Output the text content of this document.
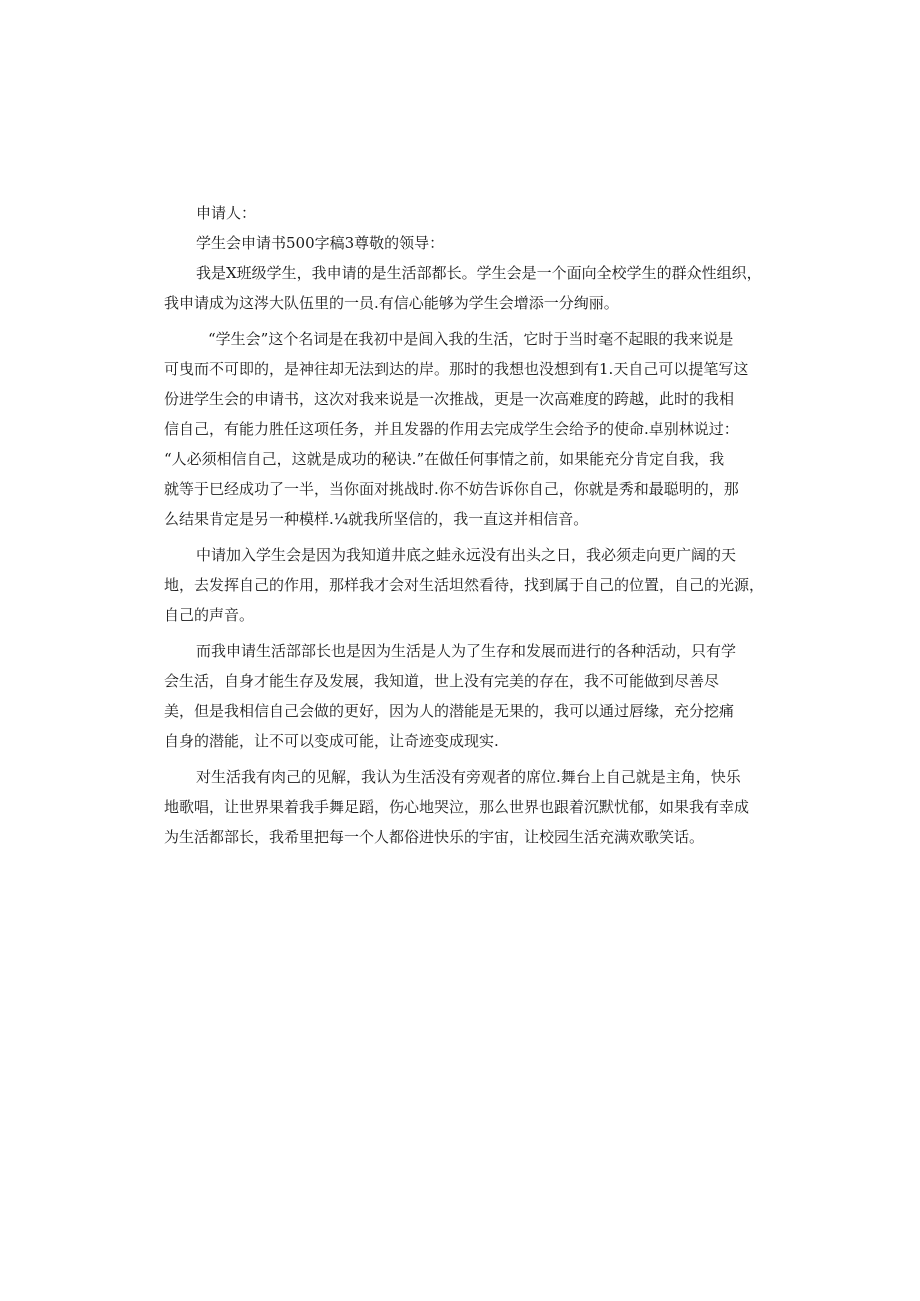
申请人：

学生会申请书500字稿3尊敬的领导：

我是X班级学生，我申请的是生活部都长。学生会是一个面向全校学生的群众性组织，

我申请成为这涔大队伍里的一员.有信心能够为学生会增添一分绚丽。

“学生会”这个名词是在我初中是闾入我的生活，它时于当时毫不起眼的我来说是

可曳而不可即的，是神往却无法到达的岸。那时的我想也没想到有1.天自己可以提笔写这

份进学生会的申请书，这次对我来说是一次推战，更是一次高难度的跨越，此时的我相

信自己，有能力胜任这项任务，并且发器的作用去完成学生会给予的使命.卓别林说过：

“人必须相信自己，这就是成功的秘诀.”在做任何事情之前，如果能充分肯定自我，我

就等于巳经成功了一半，当你面对挑战时.你不妨告诉你自己，你就是秀和最聪明的，那

么结果肯定是另一种模样.¼就我所坚信的，我一直这并相信音。

中请加入学生会是因为我知道井底之蛙永远没有出头之日，我必须走向更广阔的天

地，去发挥自己的作用，那样我才会对生活坦然看待，找到属于自己的位置，自己的光源，

自己的声音。

而我申请生活部部长也是因为生活是人为了生存和发展而进行的各种活动，只有学

会生活，自身才能生存及发展，我知道，世上没有完美的存在，我不可能做到尽善尽

美，但是我相信自己会做的更好，因为人的潜能是无果的，我可以通过唇缘，充分挖痛

自身的潜能，让不可以变成可能，让奇迹变成现实.

对生活我有肉己的见解，我认为生活没有旁观者的席位.舞台上自己就是主角，快乐

地歌唱，让世界果着我手舞足蹈，伤心地哭泣，那么世界也跟着沉默忧郁，如果我有幸成

为生活都部长，我希里把每一个人都俗进快乐的宇宙，让校园生活充满欢歌笑话。
